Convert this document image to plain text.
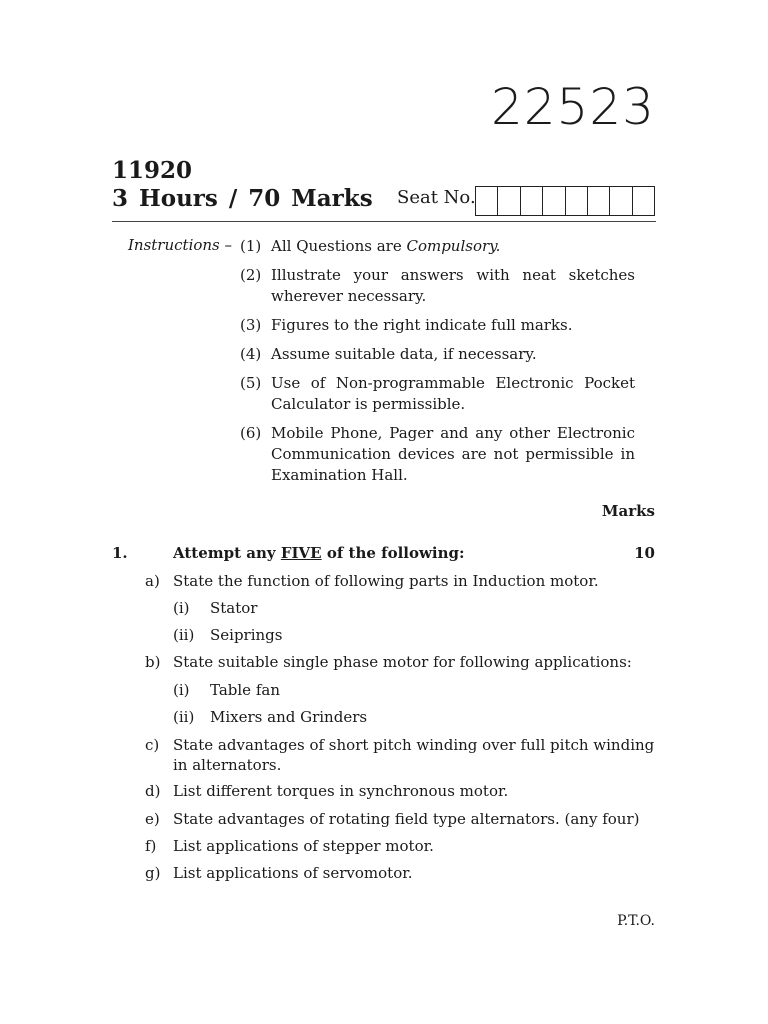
22523
11920
3 Hours / 70 Marks Seat No.
Instructions – (1) All Questions are Compulsory.
(2) Illustrate your answers with neat sketches wherever necessary.
(3) Figures to the right indicate full marks.
(4) Assume suitable data, if necessary.
(5) Use of Non-programmable Electronic Pocket Calculator is permissible.
(6) Mobile Phone, Pager and any other Electronic Communication devices are not permissible in Examination Hall.
Marks
1.	Attempt any FIVE of the following:	10
a) State the function of following parts in Induction motor.
(i) Stator
(ii) Seiprings
b) State suitable single phase motor for following applications:
(i) Table fan
(ii) Mixers and Grinders
c) State advantages of short pitch winding over full pitch winding
in alternators.
d) List different torques in synchronous motor.
e) State advantages of rotating field type alternators. (any four)
f) List applications of stepper motor.
g) List applications of servomotor.
P.T.O.
